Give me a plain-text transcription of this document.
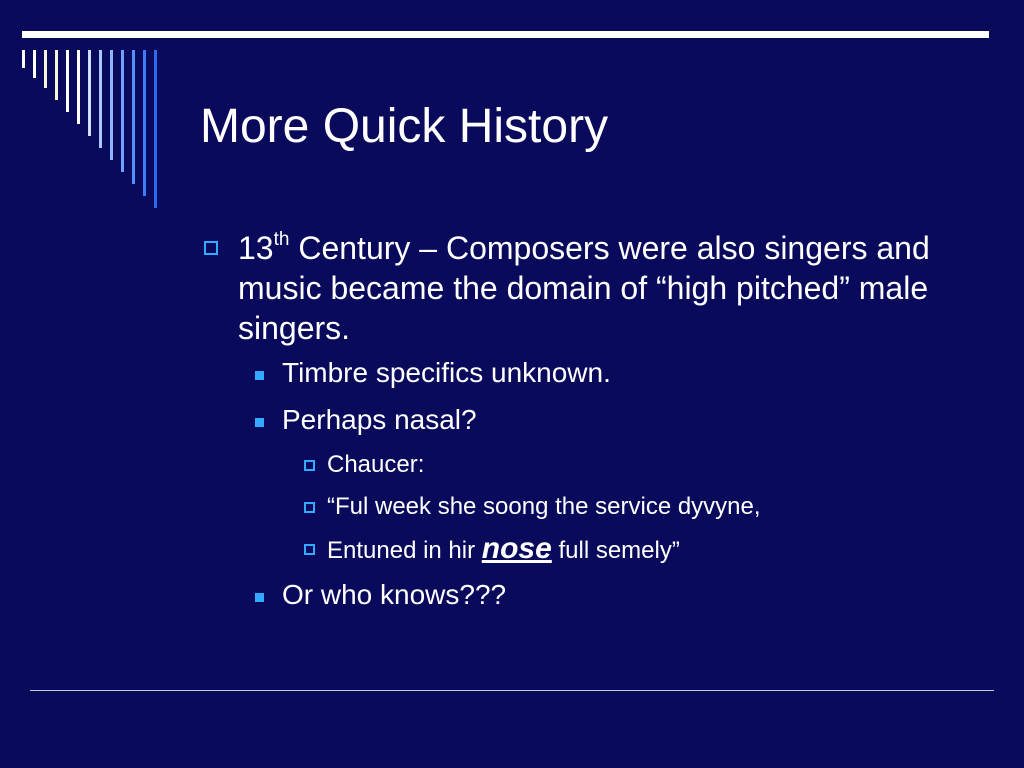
More Quick History

13th Century – Composers were also singers and music became the domain of “high pitched” male singers.

Timbre specifics unknown.

Perhaps nasal?

Chaucer:

“Ful week she soong the service dyvyne,

Entuned in hir nose full semely”

Or who knows???
